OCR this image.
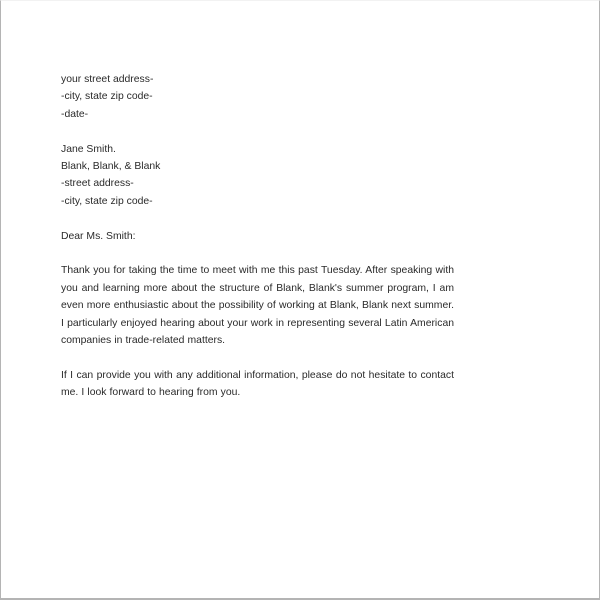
your street address-
-city, state zip code-
-date-
Jane Smith.
Blank, Blank, & Blank
-street address-
-city, state zip code-
Dear Ms. Smith:

Thank you for taking the time to meet with me this past Tuesday. After speaking with you and learning more about the structure of Blank, Blank's summer program, I am even more enthusiastic about the possibility of working at Blank, Blank next summer. I particularly enjoyed hearing about your work in representing several Latin American companies in trade-related matters.

If I can provide you with any additional information, please do not hesitate to contact me. I look forward to hearing from you.
